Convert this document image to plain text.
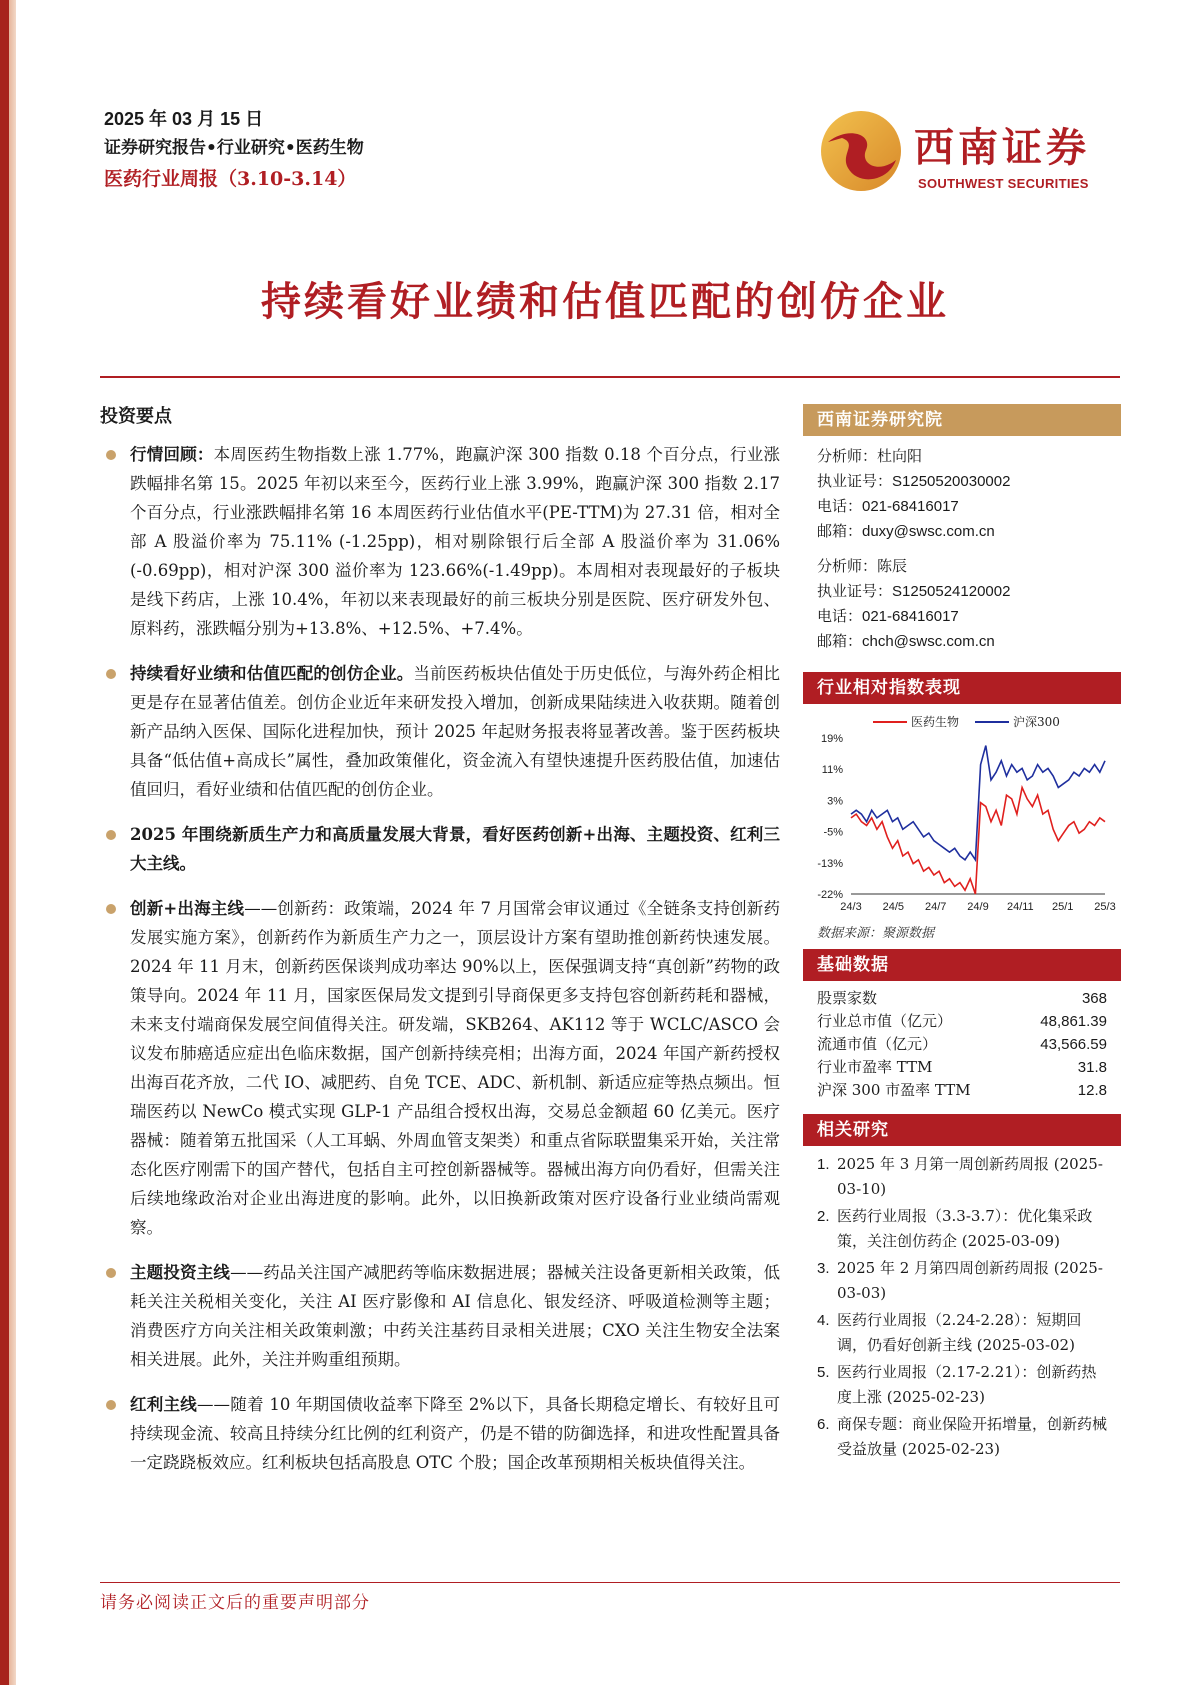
2025 年 03 月 15 日
证券研究报告•行业研究•医药生物
医药行业周报（3.10-3.14）
西南证券
SOUTHWEST SECURITIES
持续看好业绩和估值匹配的创仿企业
投资要点
行情回顾：本周医药生物指数上涨 1.77%，跑赢沪深 300 指数 0.18 个百分点，行业涨跌幅排名第 15。2025 年初以来至今，医药行业上涨 3.99%，跑赢沪深 300 指数 2.17 个百分点，行业涨跌幅排名第 16 本周医药行业估值水平(PE-TTM)为 27.31 倍，相对全部 A 股溢价率为 75.11% (-1.25pp)，相对剔除银行后全部 A 股溢价率为 31.06%(-0.69pp)，相对沪深 300 溢价率为 123.66%(-1.49pp)。本周相对表现最好的子板块是线下药店，上涨 10.4%，年初以来表现最好的前三板块分别是医院、医疗研发外包、原料药，涨跌幅分别为+13.8%、+12.5%、+7.4%。
持续看好业绩和估值匹配的创仿企业。当前医药板块估值处于历史低位，与海外药企相比更是存在显著估值差。创仿企业近年来研发投入增加，创新成果陆续进入收获期。随着创新产品纳入医保、国际化进程加快，预计 2025 年起财务报表将显著改善。鉴于医药板块具备“低估值+高成长”属性，叠加政策催化，资金流入有望快速提升医药股估值，加速估值回归，看好业绩和估值匹配的创仿企业。
2025 年围绕新质生产力和高质量发展大背景，看好医药创新+出海、主题投资、红利三大主线。
创新+出海主线——创新药：政策端，2024 年 7 月国常会审议通过《全链条支持创新药发展实施方案》，创新药作为新质生产力之一，顶层设计方案有望助推创新药快速发展。2024 年 11 月末，创新药医保谈判成功率达 90%以上，医保强调支持“真创新”药物的政策导向。2024 年 11 月，国家医保局发文提到引导商保更多支持包容创新药耗和器械，未来支付端商保发展空间值得关注。研发端，SKB264、AK112 等于 WCLC/ASCO 会议发布肺癌适应症出色临床数据，国产创新持续亮相；出海方面，2024 年国产新药授权出海百花齐放，二代 IO、减肥药、自免 TCE、ADC、新机制、新适应症等热点频出。恒瑞医药以 NewCo 模式实现 GLP-1 产品组合授权出海，交易总金额超 60 亿美元。医疗器械：随着第五批国采（人工耳蜗、外周血管支架类）和重点省际联盟集采开始，关注常态化医疗刚需下的国产替代，包括自主可控创新器械等。器械出海方向仍看好，但需关注后续地缘政治对企业出海进度的影响。此外，以旧换新政策对医疗设备行业业绩尚需观察。
主题投资主线——药品关注国产减肥药等临床数据进展；器械关注设备更新相关政策，低耗关注关税相关变化，关注 AI 医疗影像和 AI 信息化、银发经济、呼吸道检测等主题；消费医疗方向关注相关政策刺激；中药关注基药目录相关进展；CXO 关注生物安全法案相关进展。此外，关注并购重组预期。
红利主线——随着 10 年期国债收益率下降至 2%以下，具备长期稳定增长、有较好且可持续现金流、较高且持续分红比例的红利资产，仍是不错的防御选择，和进攻性配置具备一定跷跷板效应。红利板块包括高股息 OTC 个股；国企改革预期相关板块值得关注。
西南证券研究院
分析师：杜向阳
执业证号：S1250520030002
电话：021-68416017
邮箱：duxy@swsc.com.cn
分析师：陈辰
执业证号：S1250524120002
电话：021-68416017
邮箱：chch@swsc.com.cn
行业相对指数表现
19%
11%
3%
-5%
-13%
-22%
24/3 24/5 24/7 24/9 24/11 25/1 25/3
医药生物	沪深300
数据来源：聚源数据
基础数据
股票家数	368
行业总市值（亿元）	48,861.39
流通市值（亿元）	43,566.59
行业市盈率 TTM	31.8
沪深 300 市盈率 TTM	12.8
相关研究
1. 2025 年 3 月第一周创新药周报 (2025-03-10)
2. 医药行业周报（3.3-3.7）：优化集采政策，关注创仿药企 (2025-03-09)
3. 2025 年 2 月第四周创新药周报 (2025-03-03)
4. 医药行业周报（2.24-2.28）：短期回调，仍看好创新主线 (2025-03-02)
5. 医药行业周报（2.17-2.21）：创新药热度上涨 (2025-02-23)
6. 商保专题：商业保险开拓增量，创新药械受益放量 (2025-02-23)
请务必阅读正文后的重要声明部分
